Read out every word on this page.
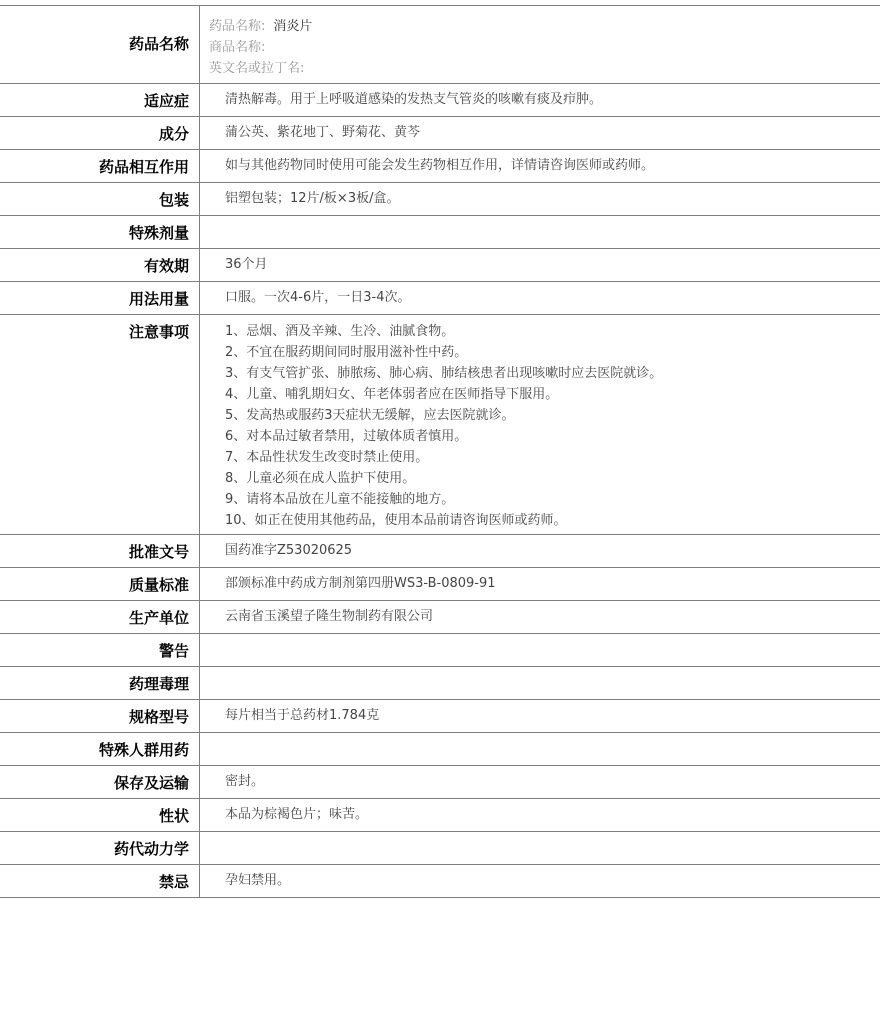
药品名称
药品名称: 消炎片
商品名称:
英文名或拉丁名:
适应症	清热解毒。用于上呼吸道感染的发热支气管炎的咳嗽有痰及疖肿。
成分	蒲公英、紫花地丁、野菊花、黄芩
药品相互作用	如与其他药物同时使用可能会发生药物相互作用，详情请咨询医师或药师。
包装	铝塑包装；12片/板×3板/盒。
特殊剂量
有效期	36个月
用法用量	口服。一次4-6片，一日3-4次。
注意事项	1、忌烟、酒及辛辣、生冷、油腻食物。
2、不宜在服药期间同时服用滋补性中药。
3、有支气管扩张、肺脓疡、肺心病、肺结核患者出现咳嗽时应去医院就诊。
4、儿童、哺乳期妇女、年老体弱者应在医师指导下服用。
5、发高热或服药3天症状无缓解，应去医院就诊。
6、对本品过敏者禁用，过敏体质者慎用。
7、本品性状发生改变时禁止使用。
8、儿童必须在成人监护下使用。
9、请将本品放在儿童不能接触的地方。
10、如正在使用其他药品，使用本品前请咨询医师或药师。
批准文号	国药准字Z53020625
质量标准	部颁标准中药成方制剂第四册WS3-B-0809-91
生产单位	云南省玉溪望子隆生物制药有限公司
警告
药理毒理
规格型号	每片相当于总药材1.784克
特殊人群用药
保存及运输	密封。
性状	本品为棕褐色片；味苦。
药代动力学
禁忌	孕妇禁用。
